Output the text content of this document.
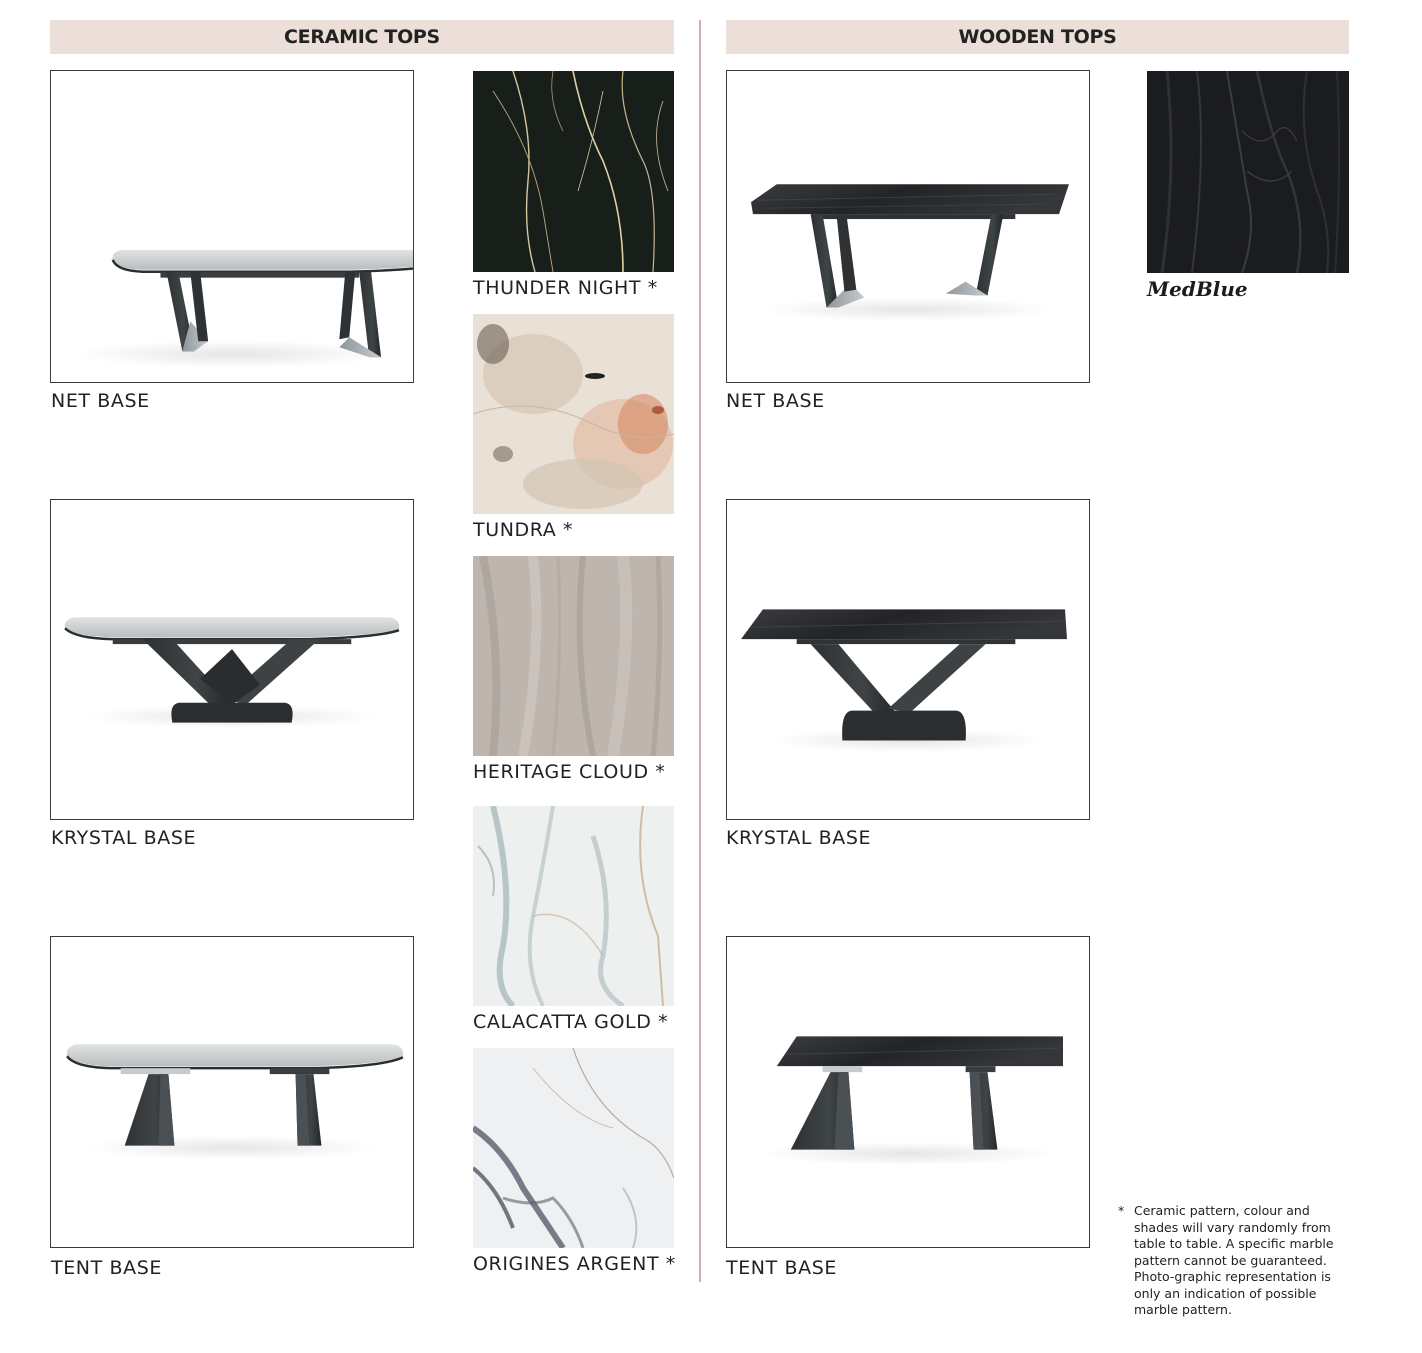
CERAMIC TOPS	WOODEN TOPS
NET BASE
KRYSTAL BASE
TENT BASE
THUNDER NIGHT *
TUNDRA *
HERITAGE CLOUD *
CALACATTA GOLD *
ORIGINES ARGENT *
NET BASE
KRYSTAL BASE
TENT BASE
MedBlue
* Ceramic pattern, colour and shades will vary randomly from table to table. A specific marble pattern cannot be guaranteed. Photo-graphic representation is only an indication of possible marble pattern.
